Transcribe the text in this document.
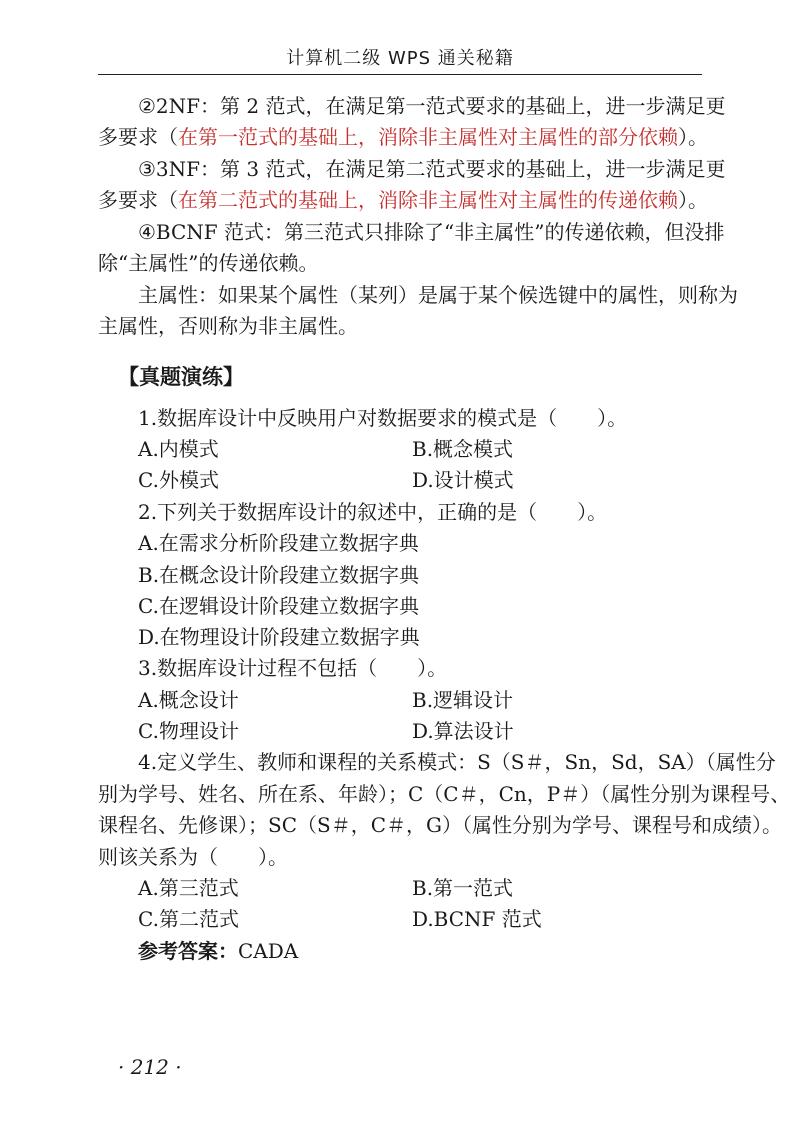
计算机二级 WPS 通关秘籍
②2NF：第 2 范式，在满足第一范式要求的基础上，进一步满足更
多要求（在第一范式的基础上，消除非主属性对主属性的部分依赖）。
③3NF：第 3 范式，在满足第二范式要求的基础上，进一步满足更
多要求（在第二范式的基础上，消除非主属性对主属性的传递依赖）。
④BCNF 范式：第三范式只排除了“非主属性”的传递依赖，但没排
除“主属性”的传递依赖。
主属性：如果某个属性（某列）是属于某个候选键中的属性，则称为
主属性，否则称为非主属性。
【真题演练】
1.数据库设计中反映用户对数据要求的模式是（　　）。
A.内模式	B.概念模式
C.外模式	D.设计模式
2.下列关于数据库设计的叙述中，正确的是（　　）。
A.在需求分析阶段建立数据字典
B.在概念设计阶段建立数据字典
C.在逻辑设计阶段建立数据字典
D.在物理设计阶段建立数据字典
3.数据库设计过程不包括（　　）。
A.概念设计	B.逻辑设计
C.物理设计	D.算法设计
4.定义学生、教师和课程的关系模式：S（S＃，Sn，Sd，SA）（属性分
别为学号、姓名、所在系、年龄）；C（C＃，Cn，P＃）（属性分别为课程号、
课程名、先修课）；SC（S＃，C＃，G）（属性分别为学号、课程号和成绩）。
则该关系为（　　）。
A.第三范式	B.第一范式
C.第二范式	D.BCNF 范式
参考答案：CADA
· 212 ·
